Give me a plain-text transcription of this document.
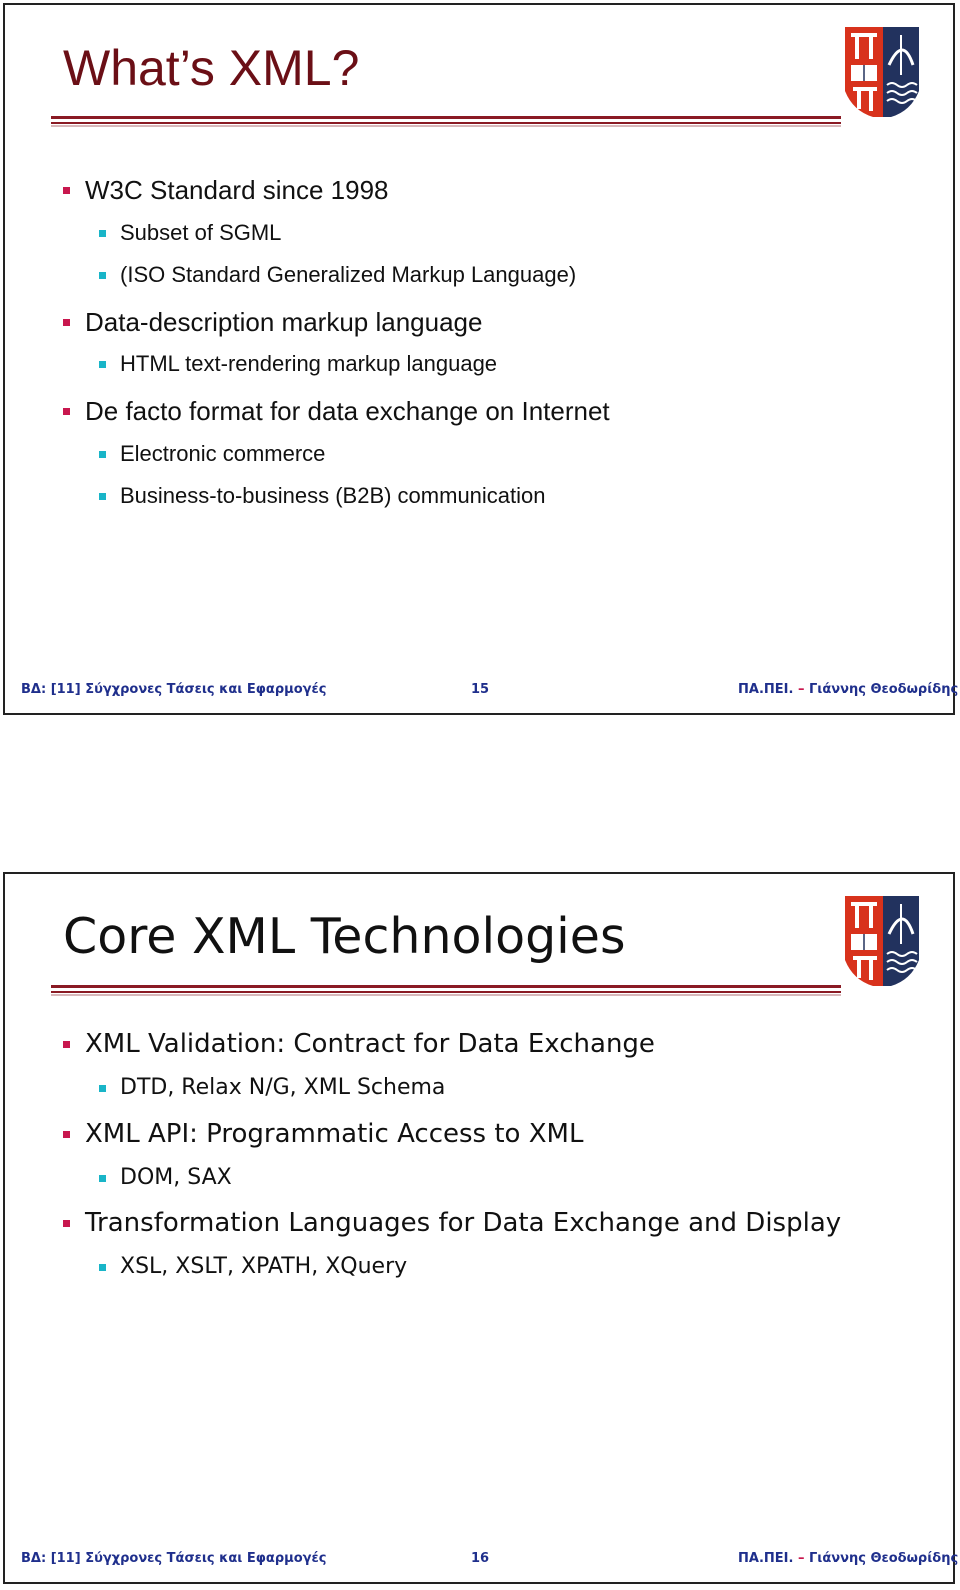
What’s XML?
W3C Standard since 1998
Subset of SGML
(ISO Standard Generalized Markup Language)
Data-description markup language
HTML text-rendering markup language
De facto format for data exchange on Internet
Electronic commerce
Business-to-business (B2B) communication
ΒΔ: [11] Σύγχρονες Τάσεις και Εφαρμογές	15	ΠΑ.ΠΕΙ. – Γιάννης Θεοδωρίδης
Core XML Technologies
XML Validation: Contract for Data Exchange
DTD, Relax N/G, XML Schema
XML API: Programmatic Access to XML
DOM, SAX
Transformation Languages for Data Exchange and Display
XSL, XSLT, XPATH, XQuery
ΒΔ: [11] Σύγχρονες Τάσεις και Εφαρμογές	16	ΠΑ.ΠΕΙ. – Γιάννης Θεοδωρίδης
